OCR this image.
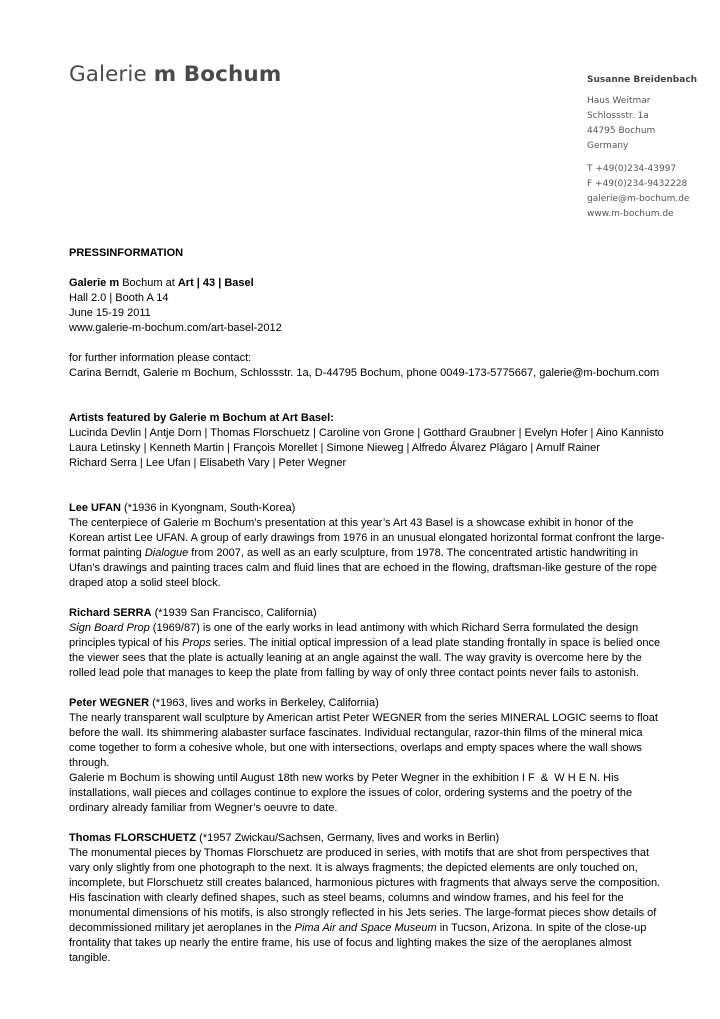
Galerie m Bochum	Susanne Breidenbach
Haus Weitmar
Schlossstr. 1a
44795 Bochum
Germany
T +49(0)234-43997
F +49(0)234-9432228
galerie@m-bochum.de
www.m-bochum.de

PRESSINFORMATION

Galerie m Bochum at Art | 43 | Basel

Hall 2.0 | Booth A 14

June 15-19 2011

www.galerie-m-bochum.com/art-basel-2012

for further information please contact:

Carina Berndt, Galerie m Bochum, Schlossstr. 1a, D-44795 Bochum, phone 0049-173-5775667, galerie@m-bochum.com

Artists featured by Galerie m Bochum at Art Basel:

Lucinda Devlin | Antje Dorn | Thomas Florschuetz | Caroline von Grone | Gotthard Graubner | Evelyn Hofer | Aino Kannisto

Laura Letinsky | Kenneth Martin | François Morellet | Simone Nieweg | Alfredo Álvarez Plágaro | Arnulf Rainer

Richard Serra | Lee Ufan | Elisabeth Vary | Peter Wegner

Lee UFAN (*1936 in Kyongnam, South-Korea)

The centerpiece of Galerie m Bochum’s presentation at this year’s Art 43 Basel is a showcase exhibit in honor of the

Korean artist Lee UFAN. A group of early drawings from 1976 in an unusual elongated horizontal format confront the large-

format painting Dialogue from 2007, as well as an early sculpture, from 1978. The concentrated artistic handwriting in

Ufan’s drawings and painting traces calm and fluid lines that are echoed in the flowing, draftsman-like gesture of the rope

draped atop a solid steel block.

Richard SERRA (*1939 San Francisco, California)

Sign Board Prop (1969/87) is one of the early works in lead antimony with which Richard Serra formulated the design

principles typical of his Props series. The initial optical impression of a lead plate standing frontally in space is belied once

the viewer sees that the plate is actually leaning at an angle against the wall. The way gravity is overcome here by the

rolled lead pole that manages to keep the plate from falling by way of only three contact points never fails to astonish.

Peter WEGNER (*1963, lives and works in Berkeley, California)

The nearly transparent wall sculpture by American artist Peter WEGNER from the series MINERAL LOGIC seems to float

before the wall. Its shimmering alabaster surface fascinates. Individual rectangular, razor-thin films of the mineral mica

come together to form a cohesive whole, but one with intersections, overlaps and empty spaces where the wall shows

through.

Galerie m Bochum is showing until August 18th new works by Peter Wegner in the exhibition I F  &  W H E N. His

installations, wall pieces and collages continue to explore the issues of color, ordering systems and the poetry of the

ordinary already familiar from Wegner’s oeuvre to date.

Thomas FLORSCHUETZ (*1957 Zwickau/Sachsen, Germany, lives and works in Berlin)

The monumental pieces by Thomas Florschuetz are produced in series, with motifs that are shot from perspectives that

vary only slightly from one photograph to the next. It is always fragments; the depicted elements are only touched on,

incomplete, but Florschuetz still creates balanced, harmonious pictures with fragments that always serve the composition.

His fascination with clearly defined shapes, such as steel beams, columns and window frames, and his feel for the

monumental dimensions of his motifs, is also strongly reflected in his Jets series. The large-format pieces show details of

decommissioned military jet aeroplanes in the Pima Air and Space Museum in Tucson, Arizona. In spite of the close-up

frontality that takes up nearly the entire frame, his use of focus and lighting makes the size of the aeroplanes almost

tangible.
